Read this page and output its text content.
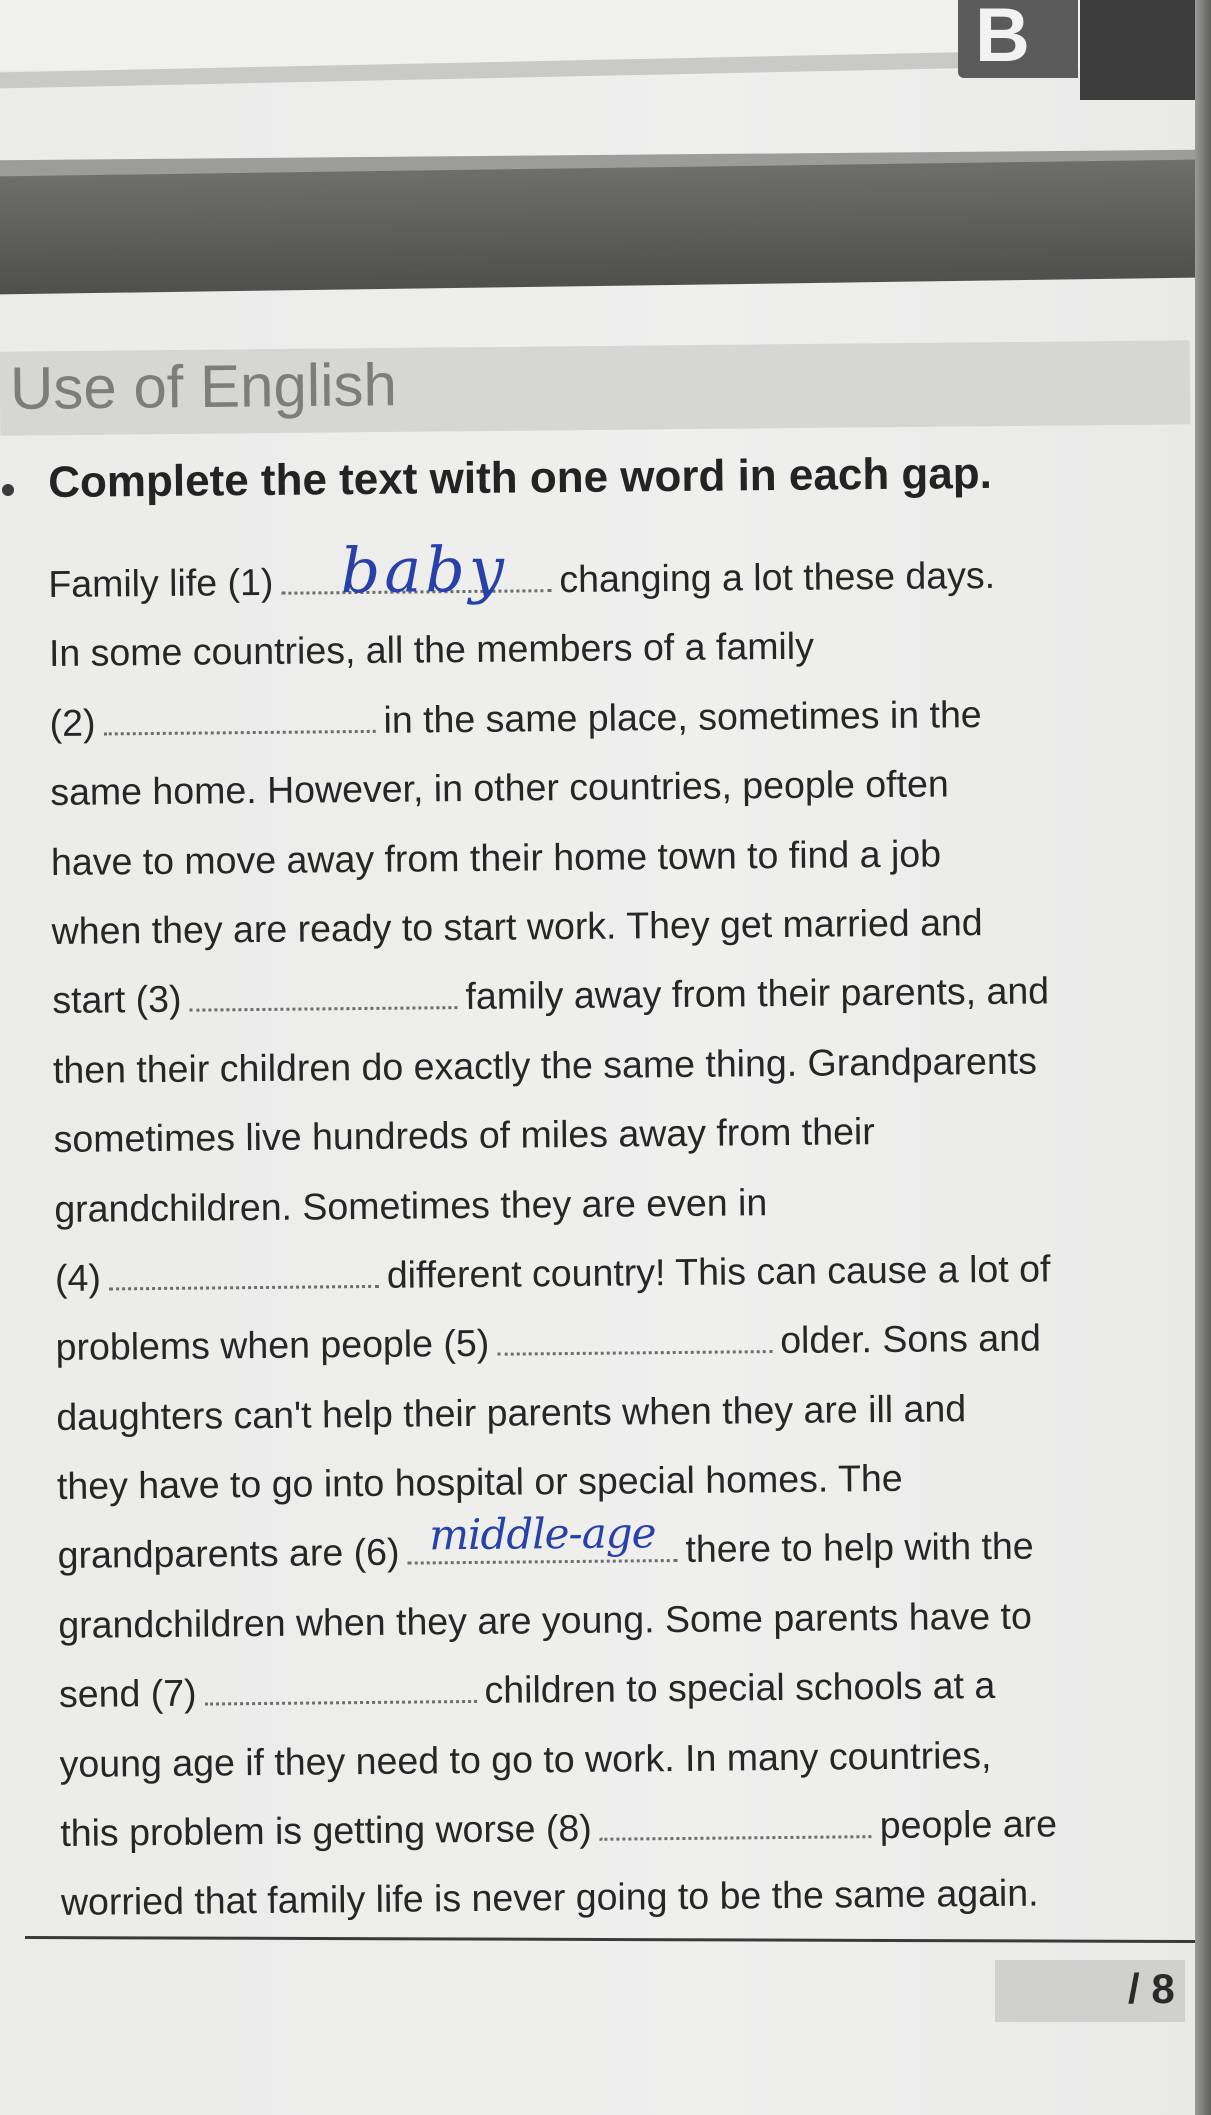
B
Use of English
Complete the text with one word in each gap.
Family life (1)	baby	changing a lot these days.
In some countries, all the members of a family
(2)	in the same place, sometimes in the
same home. However, in other countries, people often
have to move away from their home town to find a job
when they are ready to start work. They get married and
start (3)	family away from their parents, and
then their children do exactly the same thing. Grandparents
sometimes live hundreds of miles away from their
grandchildren. Sometimes they are even in
(4)	different country! This can cause a lot of
problems when people (5)	older. Sons and
daughters can't help their parents when they are ill and
they have to go into hospital or special homes. The
grandparents are (6) middle-age there to help with the
grandchildren when they are young. Some parents have to
send (7)	children to special schools at a
young age if they need to go to work. In many countries,
this problem is getting worse (8)	people are
worried that family life is never going to be the same again.
/ 8
